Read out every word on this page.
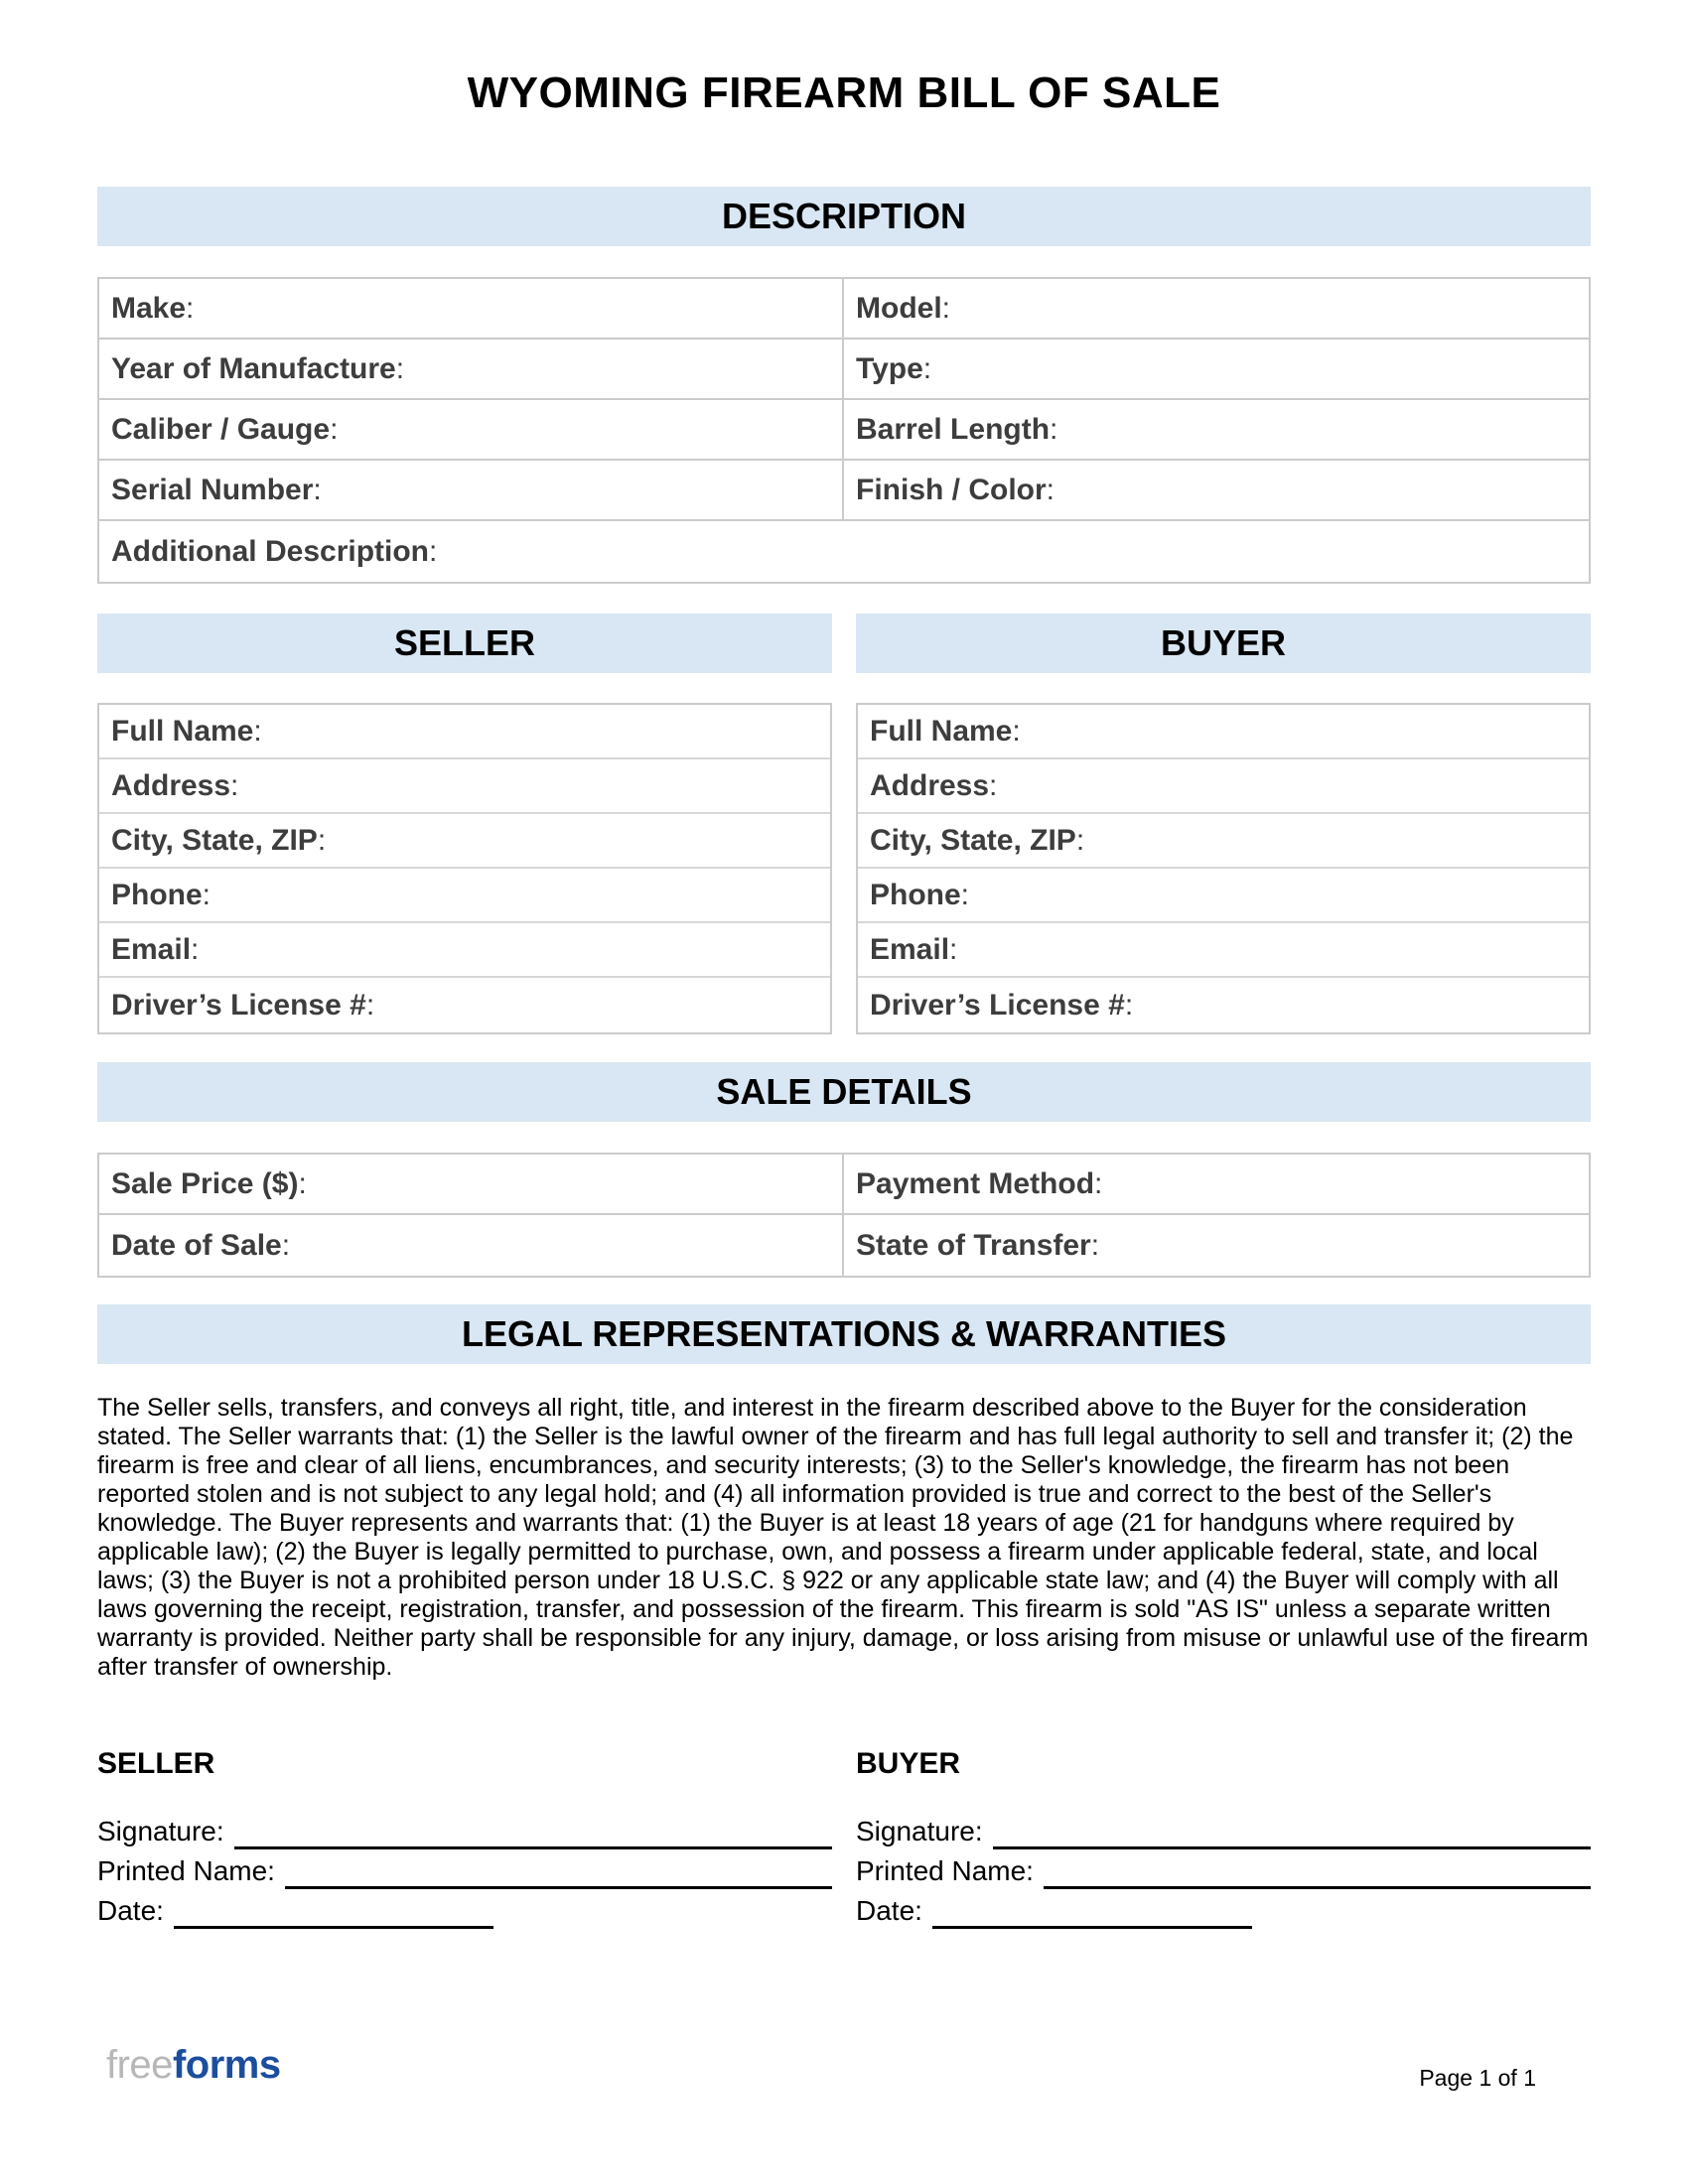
WYOMING FIREARM BILL OF SALE
DESCRIPTION
Make :	Model :
Year of Manufacture :	Type :
Caliber / Gauge :	Barrel Length :
Serial Number :	Finish / Color :
Additional Description :
SELLER	BUYER
Full Name :
Address :
City, State, ZIP :
Phone :
Email :
Driver’s License # :
Full Name :
Address :
City, State, ZIP :
Phone :
Email :
Driver’s License # :
SALE DETAILS
Sale Price ($) :	Payment Method :
Date of Sale :	State of Transfer :
LEGAL REPRESENTATIONS & WARRANTIES
The Seller sells, transfers, and conveys all right, title, and interest in the firearm described above to the Buyer for the consideration stated. The Seller warrants that: (1) the Seller is the lawful owner of the firearm and has full legal authority to sell and transfer it; (2) the firearm is free and clear of all liens, encumbrances, and security interests; (3) to the Seller's knowledge, the firearm has not been reported stolen and is not subject to any legal hold; and (4) all information provided is true and correct to the best of the Seller's knowledge. The Buyer represents and warrants that: (1) the Buyer is at least 18 years of age (21 for handguns where required by applicable law); (2) the Buyer is legally permitted to purchase, own, and possess a firearm under applicable federal, state, and local laws; (3) the Buyer is not a prohibited person under 18 U.S.C. § 922 or any applicable state law; and (4) the Buyer will comply with all laws governing the receipt, registration, transfer, and possession of the firearm. This firearm is sold "AS IS" unless a separate written warranty is provided. Neither party shall be responsible for any injury, damage, or loss arising from misuse or unlawful use of the firearm after transfer of ownership.
SELLER
Signature:
Printed Name:
Date:
BUYER
Signature:
Printed Name:
Date:
freeforms	Page 1 of 1
